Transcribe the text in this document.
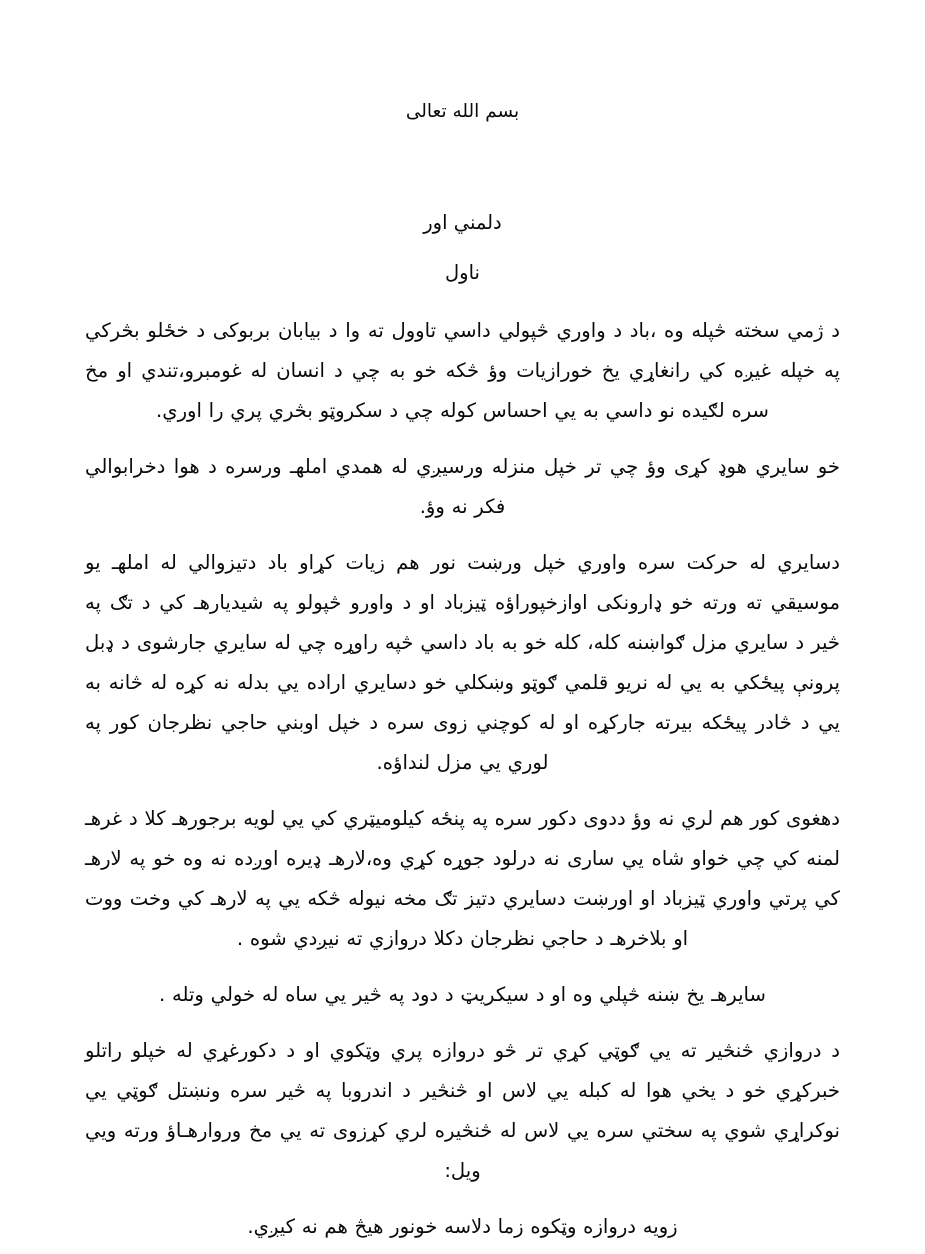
بسم الله تعالی
دلمني اور
ناول

د ژمي سخته څپله وه ،باد د واوري څپولي داسي تاوول ته وا د بيابان بربوکی د خځلو بڅرکي په خپله غيږه کي رانغاړي يخ خورازيات وؤ څکه خو به چي د انسان له غومبرو،تندي او مخ سره لګيده نو داسي به يي احساس کوله چي د سکروټو بڅري پري را اوري.

خو سايري هوډ کړی وؤ چي تر خپل منزله ورسيږي له همدي املهـ ورسره د هوا دخرابوالي فکر نه وؤ.

دسايري له حرکت سره واوري خپل ورښت نور هم زيات کړاو باد دتيزوالي له املهـ يو موسيقي ته ورته خو ډارونکی اوازخپوراؤه ټيزباد او د واورو څپولو په شيديارهـ کي د تګ په څير د سايري مزل ګواښنه کله، کله خو به باد داسي څپه راوړه چي له سايري جارشوی د ډبل پرونې پيځکي به يي له نريو قلمي ګوټو وښکلي خو دسايري اراده يي بدله نه کړه له څانه به يي د څادر پيځکه بيرته جارکړه او له کوچني زوی سره د خپل اوبني حاجي نظرجان کور په لوري يي مزل لنداؤه.

دهغوی کور هم لري نه وؤ ددوی دکور سره په پنځه کيلوميټري کي يي لويه برجورهـ کلا د غرهـ لمنه کي چي خواو شاه يي ساری نه درلود جوړه کړي وه،لارهـ ډيره اوږده نه وه خو په لارهـ کي پرتي واوري ټيزباد او اورښت دسايري دتيز تګ مخه نيوله څکه يي په لارهـ کي وخت ووت او بلاخرهـ د حاجي نظرجان دکلا دروازي ته نيږدي شوه .

سايرهـ يخ ښنه څپلي وه او د سيکريټ د دود په څير يي ساه له خولي وتله .

د دروازي څنڅير ته يي ګوټي کړي تر څو دروازه پري وټکوي او د دکورغړي له خپلو راتلو خبرکړي خو د يخي هوا له کبله يي لاس او څنڅير د اندروبا په څير سره ونښتل ګوټي يي نوکراړي شوي په سختي سره يي لاس له څنڅيره لري کړزوی ته يي مخ وروارهـاؤ ورته ويي ويل:

زويه دروازه وټکوه زما دلاسه خونور هيڅ هم نه کيږي.
